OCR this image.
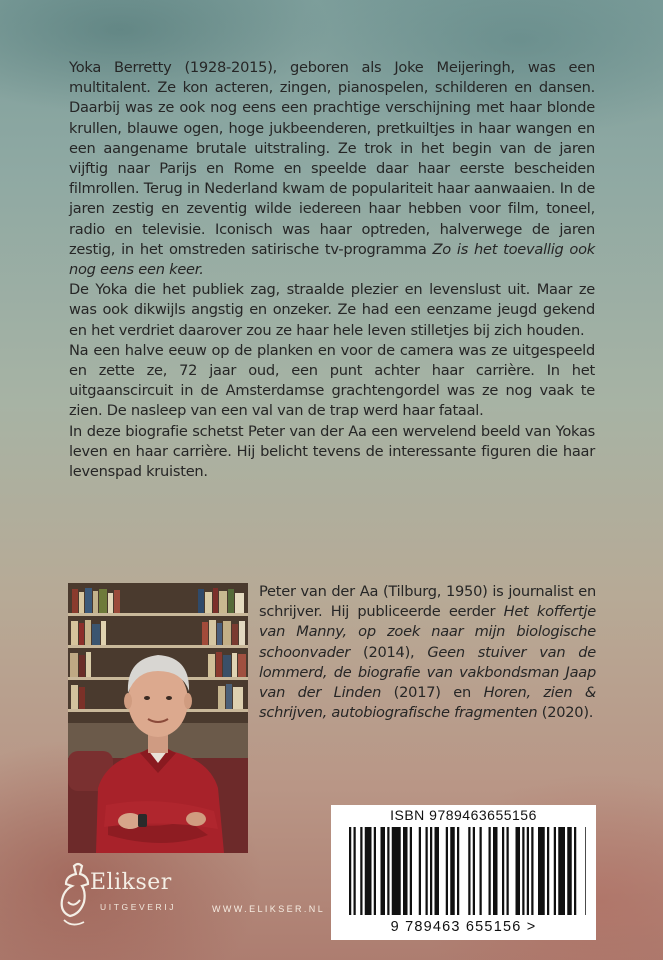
Yoka Berretty (1928-2015), geboren als Joke Meijeringh, was een multitalent. Ze kon acteren, zingen, pianospelen, schilderen en dansen. Daarbij was ze ook nog eens een prachtige verschijning met haar blonde krullen, blauwe ogen, hoge jukbeenderen, pretkuiltjes in haar wangen en een aangename brutale uitstraling. Ze trok in het begin van de jaren vijftig naar Parijs en Rome en speelde daar haar eerste bescheiden filmrollen. Terug in Nederland kwam de populariteit haar aanwaaien. In de jaren zestig en zeventig wilde iedereen haar hebben voor film, toneel, radio en televisie. Iconisch was haar optreden, halverwege de jaren zestig, in het omstreden satirische tv-programma Zo is het toevallig ook nog eens een keer.

De Yoka die het publiek zag, straalde plezier en levenslust uit. Maar ze was ook dikwijls angstig en onzeker. Ze had een eenzame jeugd gekend en het verdriet daarover zou ze haar hele leven stilletjes bij zich houden.

Na een halve eeuw op de planken en voor de camera was ze uitgespeeld en zette ze, 72 jaar oud, een punt achter haar carrière. In het uitgaanscircuit in de Amsterdamse grachtengordel was ze nog vaak te zien. De nasleep van een val van de trap werd haar fataal.

In deze biografie schetst Peter van der Aa een wervelend beeld van Yokas leven en haar carrière. Hij belicht tevens de interessante figuren die haar levenspad kruisten.

Peter van der Aa (Tilburg, 1950) is journalist en schrijver. Hij publiceerde eerder Het koffertje van Manny, op zoek naar mijn biologische schoonvader (2014), Geen stuiver van de lommerd, de biografie van vakbondsman Jaap van der Linden (2017) en Horen, zien & schrijven, autobiografische fragmenten (2020).

ISBN 9789463655156
9 789463 655156 >
Elikser
UITGEVERIJ	WWW.ELIKSER.NL
